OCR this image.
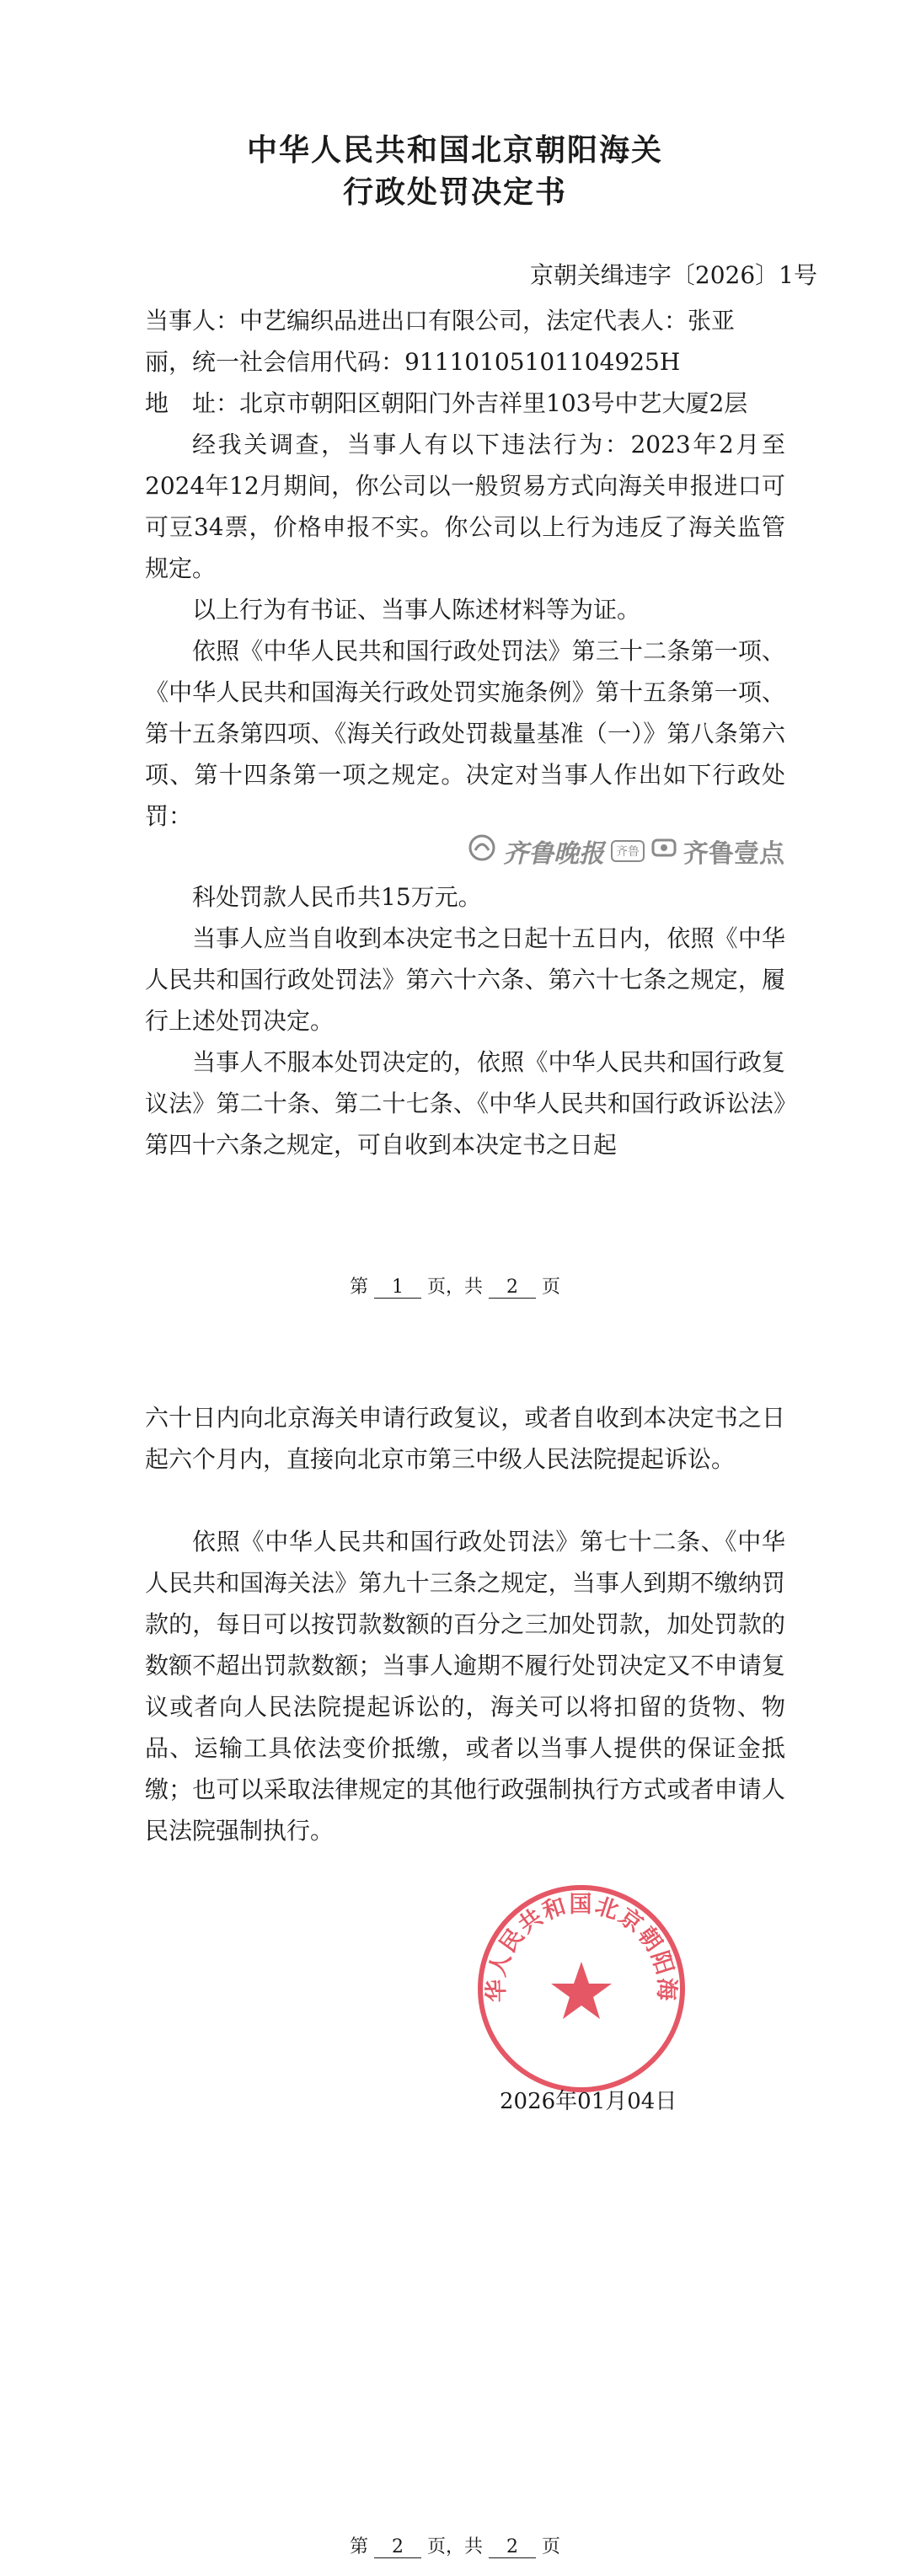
中华人民共和国北京朝阳海关
行政处罚决定书
京朝关缉违字〔2026〕1号

当事人：中艺编织品进出口有限公司，法定代表人：张亚

丽，统一社会信用代码：91110105101104925H

地　址：北京市朝阳区朝阳门外吉祥里103号中艺大厦2层

经我关调查，当事人有以下违法行为：2023年2月至2024年12月期间，你公司以一般贸易方式向海关申报进口可可豆34票，价格申报不实。你公司以上行为违反了海关监管规定。

以上行为有书证、当事人陈述材料等为证。

依照《中华人民共和国行政处罚法》第三十二条第一项、《中华人民共和国海关行政处罚实施条例》第十五条第一项、第十五条第四项、《海关行政处罚裁量基准（一）》第八条第六项、第十四条第一项之规定。决定对当事人作出如下行政处罚：

科处罚款人民币共15万元。

当事人应当自收到本决定书之日起十五日内，依照《中华人民共和国行政处罚法》第六十六条、第六十七条之规定，履行上述处罚决定。

当事人不服本处罚决定的，依照《中华人民共和国行政复议法》第二十条、第二十七条、《中华人民共和国行政诉讼法》第四十六条之规定，可自收到本决定书之日起

齐鲁晚报	齐鲁 齐鲁壹点
第 1 页，共 2 页

六十日内向北京海关申请行政复议，或者自收到本决定书之日起六个月内，直接向北京市第三中级人民法院提起诉讼。

依照《中华人民共和国行政处罚法》第七十二条、《中华人民共和国海关法》第九十三条之规定，当事人到期不缴纳罚款的，每日可以按罚款数额的百分之三加处罚款，加处罚款的数额不超出罚款数额；当事人逾期不履行处罚决定又不申请复议或者向人民法院提起诉讼的，海关可以将扣留的货物、物品、运输工具依法变价抵缴，或者以当事人提供的保证金抵缴；也可以采取法律规定的其他行政强制执行方式或者申请人民法院强制执行。

第 2 页，共 2 页
华人民共和国北京朝阳海
2026年01月04日
